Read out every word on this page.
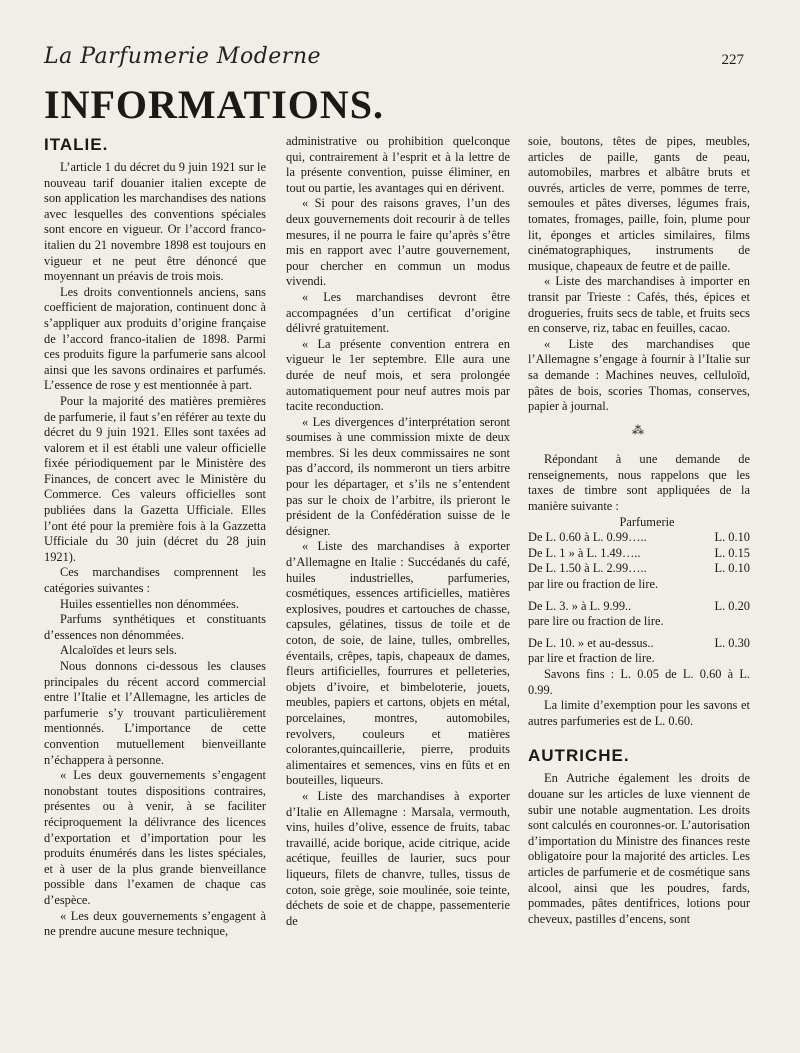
La Parfumerie Moderne	227
INFORMATIONS.
ITALIE.

L’article 1 du décret du 9 juin 1921 sur le nouveau tarif douanier italien excepte de son application les marchandises des nations avec lesquelles des conventions spéciales sont encore en vigueur. Or l’accord franco-italien du 21 novembre 1898 est toujours en vigueur et ne peut être dénoncé que moyennant un préavis de trois mois.

Les droits conventionnels anciens, sans coefficient de majoration, continuent donc à s’appliquer aux produits d’origine française de l’accord franco-italien de 1898. Parmi ces produits figure la parfumerie sans alcool ainsi que les savons ordinaires et parfumés. L’essence de rose y est mentionnée à part.

Pour la majorité des matières premières de parfumerie, il faut s’en référer au texte du décret du 9 juin 1921. Elles sont taxées ad valorem et il est établi une valeur officielle fixée périodiquement par le Ministère des Finances, de concert avec le Ministère du Commerce. Ces valeurs officielles sont publiées dans la Gazetta Ufficiale. Elles l’ont été pour la première fois à la Gazzetta Ufficiale du 30 juin (décret du 28 juin 1921).

Ces marchandises comprennent les catégories suivantes :

Huiles essentielles non dénommées.

Parfums synthétiques et constituants d’essences non dénommées.

Alcaloïdes et leurs sels.

Nous donnons ci-dessous les clauses principales du récent accord commercial entre l’Italie et l’Allemagne, les articles de parfumerie s’y trouvant particulièrement mentionnés. L’importance de cette convention mutuellement bienveillante n’échappera à personne.

« Les deux gouvernements s’engagent nonobstant toutes dispositions contraires, présentes ou à venir, à se faciliter réciproquement la délivrance des licences d’exportation et d’importation pour les produits énumérés dans les listes spéciales, et à user de la plus grande bienveillance possible dans l’examen de chaque cas d’espèce.

« Les deux gouvernements s’engagent à ne prendre aucune mesure technique,

administrative ou prohibition quelconque qui, contrairement à l’esprit et à la lettre de la présente convention, puisse éliminer, en tout ou partie, les avantages qui en dérivent.

« Si pour des raisons graves, l’un des deux gouvernements doit recourir à de telles mesures, il ne pourra le faire qu’après s’être mis en rapport avec l’autre gouvernement, pour chercher en commun un modus vivendi.

« Les marchandises devront être accompagnées d’un certificat d’origine délivré gratuitement.

« La présente convention entrera en vigueur le 1er septembre. Elle aura une durée de neuf mois, et sera prolongée automatiquement pour neuf autres mois par tacite reconduction.

« Les divergences d’interprétation seront soumises à une commission mixte de deux membres. Si les deux commissaires ne sont pas d’accord, ils nommeront un tiers arbitre pour les départager, et s’ils ne s’entendent pas sur le choix de l’arbitre, ils prieront le président de la Confédération suisse de le désigner.

« Liste des marchandises à exporter d’Allemagne en Italie : Succédanés du café, huiles industrielles, parfumeries, cosmétiques, essences artificielles, matières explosives, poudres et cartouches de chasse, capsules, gélatines, tissus de toile et de coton, de soie, de laine, tulles, ombrelles, éventails, crêpes, tapis, chapeaux de dames, fleurs artificielles, fourrures et pelleteries, objets d’ivoire, et bimbeloterie, jouets, meubles, papiers et cartons, objets en métal, porcelaines, montres, automobiles, revolvers, couleurs et matières colorantes,quincaillerie, pierre, produits alimentaires et semences, vins en fûts et en bouteilles, liqueurs.

« Liste des marchandises à exporter d’Italie en Allemagne : Marsala, vermouth, vins, huiles d’olive, essence de fruits, tabac travaillé, acide borique, acide citrique, acide acétique, feuilles de laurier, sucs pour liqueurs, filets de chanvre, tulles, tissus de coton, soie grège, soie moulinée, soie teinte, déchets de soie et de chappe, passementerie de

soie, boutons, têtes de pipes, meubles, articles de paille, gants de peau, automobiles, marbres et albâtre bruts et ouvrés, articles de verre, pommes de terre, semoules et pâtes diverses, légumes frais, tomates, fromages, paille, foin, plume pour lit, éponges et articles similaires, films cinématographiques, instruments de musique, chapeaux de feutre et de paille.

« Liste des marchandises à importer en transit par Trieste : Cafés, thés, épices et drogueries, fruits secs de table, et fruits secs en conserve, riz, tabac en feuilles, cacao.

« Liste des marchandises que l’Allemagne s’engage à fournir à l’Italie sur sa demande : Machines neuves, celluloïd, pâtes de bois, scories Thomas, conserves, papier à journal.

⁂

Répondant à une demande de renseignements, nous rappelons que les taxes de timbre sont appliquées de la manière suivante :

Parfumerie

De L. 0.60 à L. 0.99…..	L. 0.10
De L. 1 » à L. 1.49…..	L. 0.15
De L. 1.50 à L. 2.99…..	L. 0.10

par lire ou fraction de lire.

De L. 3. » à L. 9.99..	L. 0.20

pare lire ou fraction de lire.

De L. 10. » et au-dessus..	L. 0.30

par lire et fraction de lire.

Savons fins : L. 0.05 de L. 0.60 à L. 0.99.

La limite d’exemption pour les savons et autres parfumeries est de L. 0.60.

AUTRICHE.

En Autriche également les droits de douane sur les articles de luxe viennent de subir une notable augmentation. Les droits sont calculés en couronnes-or. L’autorisation d’importation du Ministre des finances reste obligatoire pour la majorité des articles. Les articles de parfumerie et de cosmétique sans alcool, ainsi que les poudres, fards, pommades, pâtes dentifrices, lotions pour cheveux, pastilles d’encens, sont
